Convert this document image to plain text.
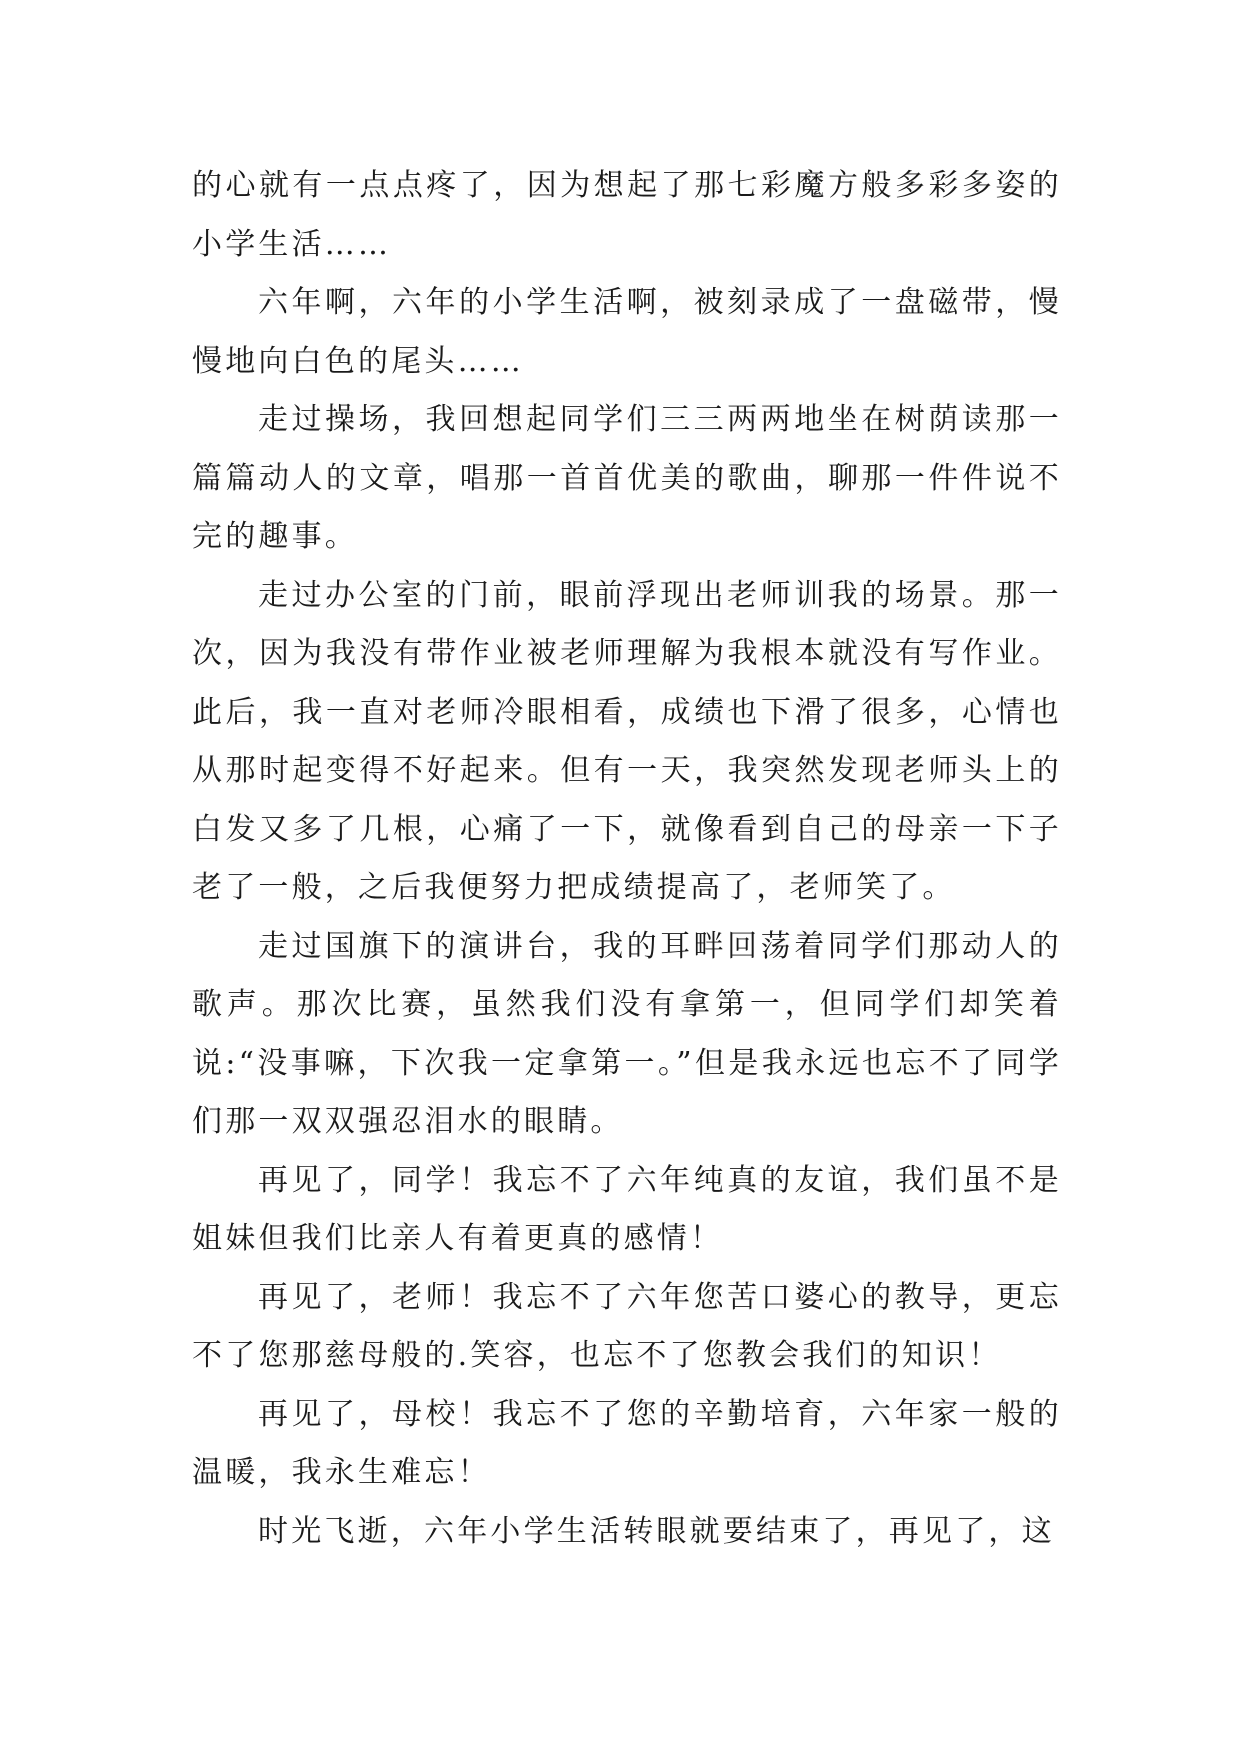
的心就有一点点疼了，因为想起了那七彩魔方般多彩多姿的小学生活……

六年啊，六年的小学生活啊，被刻录成了一盘磁带，慢慢地向白色的尾头……

走过操场，我回想起同学们三三两两地坐在树荫读那一篇篇动人的文章，唱那一首首优美的歌曲，聊那一件件说不完的趣事。

走过办公室的门前，眼前浮现出老师训我的场景。那一次，因为我没有带作业被老师理解为我根本就没有写作业。此后，我一直对老师冷眼相看，成绩也下滑了很多，心情也从那时起变得不好起来。但有一天，我突然发现老师头上的白发又多了几根，心痛了一下，就像看到自己的母亲一下子老了一般，之后我便努力把成绩提高了，老师笑了。

走过国旗下的演讲台，我的耳畔回荡着同学们那动人的歌声。那次比赛，虽然我们没有拿第一，但同学们却笑着说:“没事嘛，下次我一定拿第一。”但是我永远也忘不了同学们那一双双强忍泪水的眼睛。

再见了，同学！我忘不了六年纯真的友谊，我们虽不是姐妹但我们比亲人有着更真的感情！

再见了，老师！我忘不了六年您苦口婆心的教导，更忘不了您那慈母般的.笑容，也忘不了您教会我们的知识！

再见了，母校！我忘不了您的辛勤培育，六年家一般的温暖，我永生难忘！

时光飞逝，六年小学生活转眼就要结束了，再见了，这
